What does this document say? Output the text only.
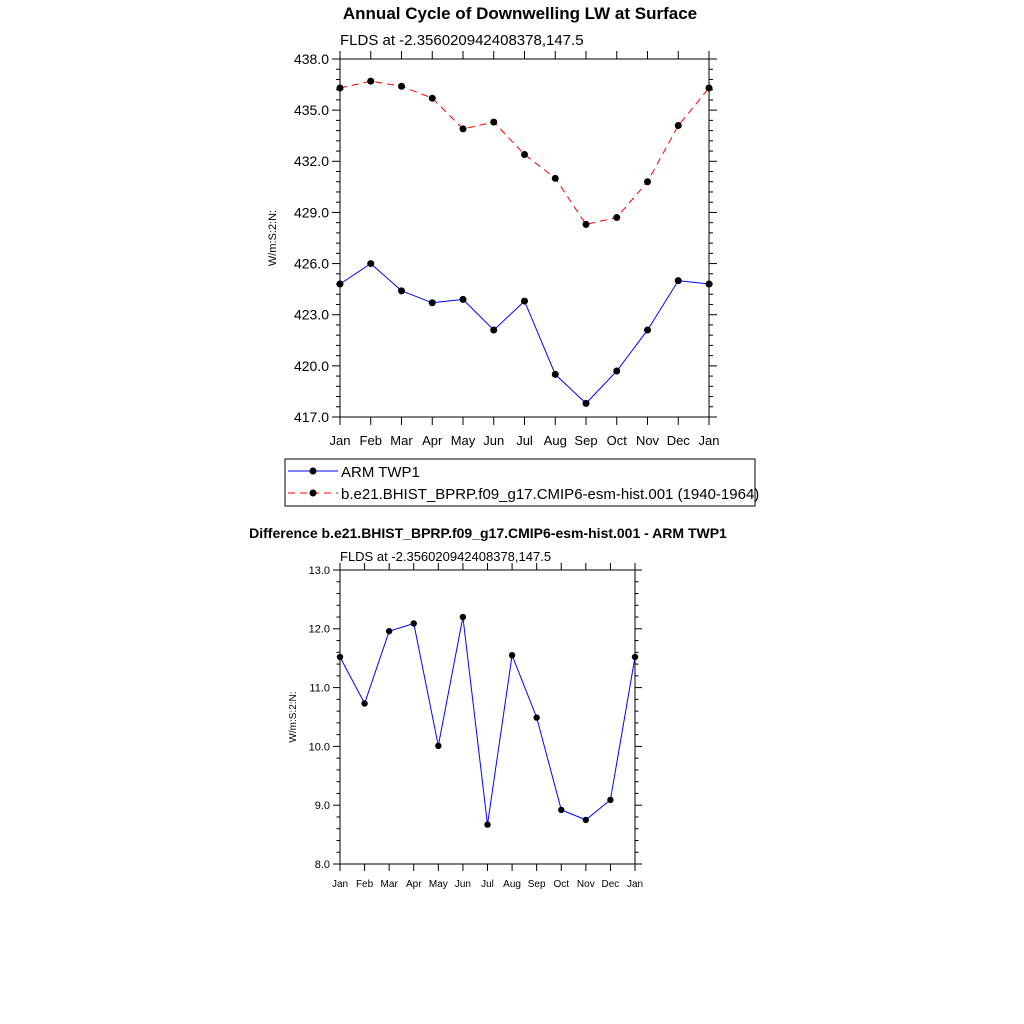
Annual Cycle of Downwelling LW at Surface
FLDS at -2.356020942408378,147.5
W/m:S:2:N:
417.0
420.0
423.0
426.0
429.0
432.0
435.0
438.0
Jan Feb Mar Apr May Jun Jul Aug Sep Oct Nov Dec Jan
ARM TWP1
b.e21.BHIST_BPRP.f09_g17.CMIP6-esm-hist.001 (1940-1964)
Difference b.e21.BHIST_BPRP.f09_g17.CMIP6-esm-hist.001 - ARM TWP1
FLDS at -2.356020942408378,147.5
W/m:S:2:N:
8.0
9.0
10.0
11.0
12.0
13.0
Jan Feb Mar Apr May Jun Jul Aug Sep Oct Nov Dec Jan
